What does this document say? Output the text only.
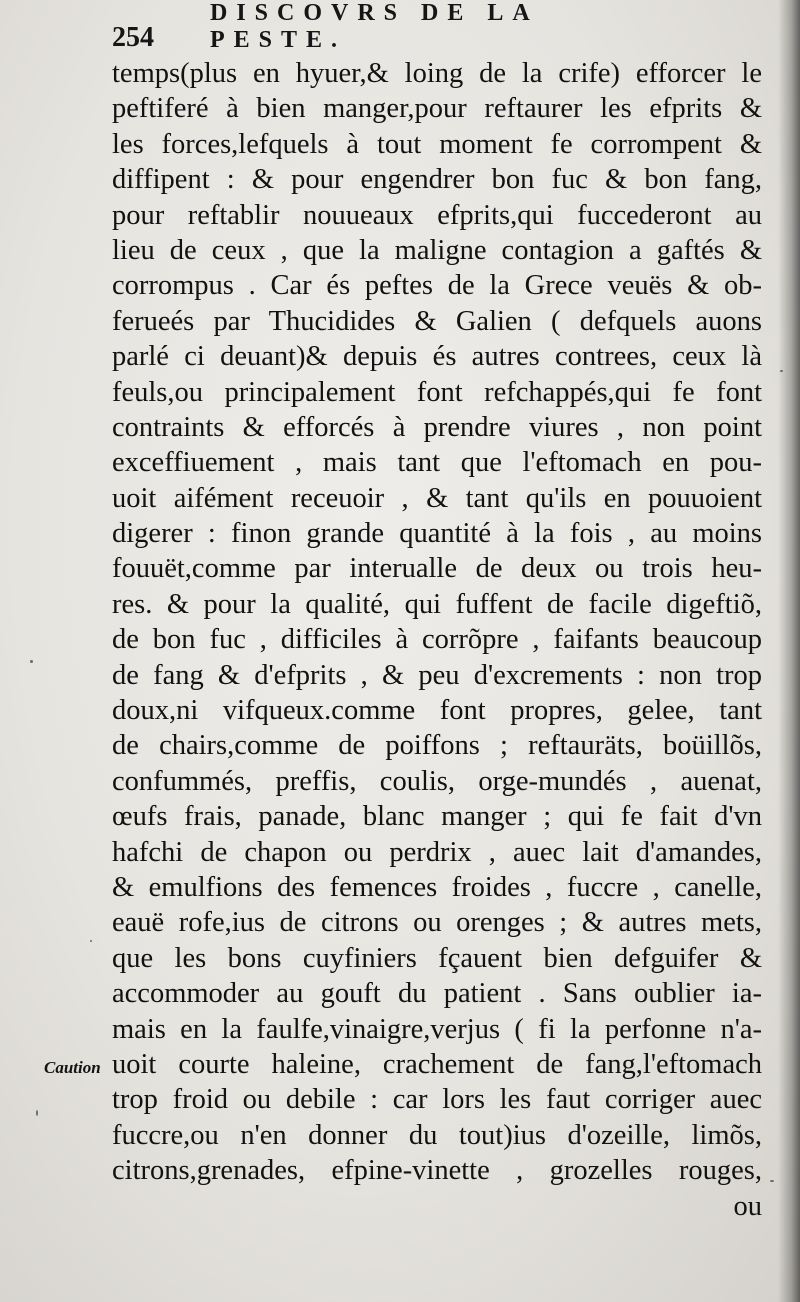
254
DISCOVRS DE LA PESTE.
temps(plus en hyuer,& loing de la crife) efforcer le
peftiferé à bien manger,pour reftaurer les efprits &
les forces,lefquels à tout moment fe corrompent &
diffipent : & pour engendrer bon fuc & bon fang,
pour reftablir nouueaux efprits,qui fuccederont au
lieu de ceux , que la maligne contagion a gaftés &
corrompus . Car és peftes de la Grece veuës & ob-
ferueés par Thucidides & Galien ( defquels auons
parlé ci deuant)& depuis és autres contrees, ceux là
feuls,ou principalement font refchappés,qui fe font
contraints & efforcés à prendre viures , non point
exceffiuement , mais tant que l'eftomach en pou-
uoit aifément receuoir , & tant qu'ils en pouuoient
digerer : finon grande quantité à la fois , au moins
fouuët,comme par interualle de deux ou trois heu-
res. & pour la qualité, qui fuffent de facile digeftiõ,
de bon fuc , difficiles à corrõpre , faifants beaucoup
de fang & d'efprits , & peu d'excrements : non trop
doux,ni vifqueux.comme font propres, gelee, tant
de chairs,comme de poiffons ; reftauräts, boüillõs,
confummés, preffis, coulis, orge-mundés , auenat,
œufs frais, panade, blanc manger ; qui fe fait d'vn
hafchi de chapon ou perdrix , auec lait d'amandes,
& emulfions des femences froides , fuccre , canelle,
eauë rofe,ius de citrons ou orenges ; & autres mets,
que les bons cuyfiniers fçauent bien defguifer &
accommoder au gouft du patient . Sans oublier ia-
mais en la faulfe,vinaigre,verjus ( fi la perfonne n'a-
uoit courte haleine, crachement de fang,l'eftomach
trop froid ou debile : car lors les faut corriger auec
fuccre,ou n'en donner du tout)ius d'ozeille, limõs,
citrons,grenades, efpine-vinette , grozelles rouges,
ou
Caution
